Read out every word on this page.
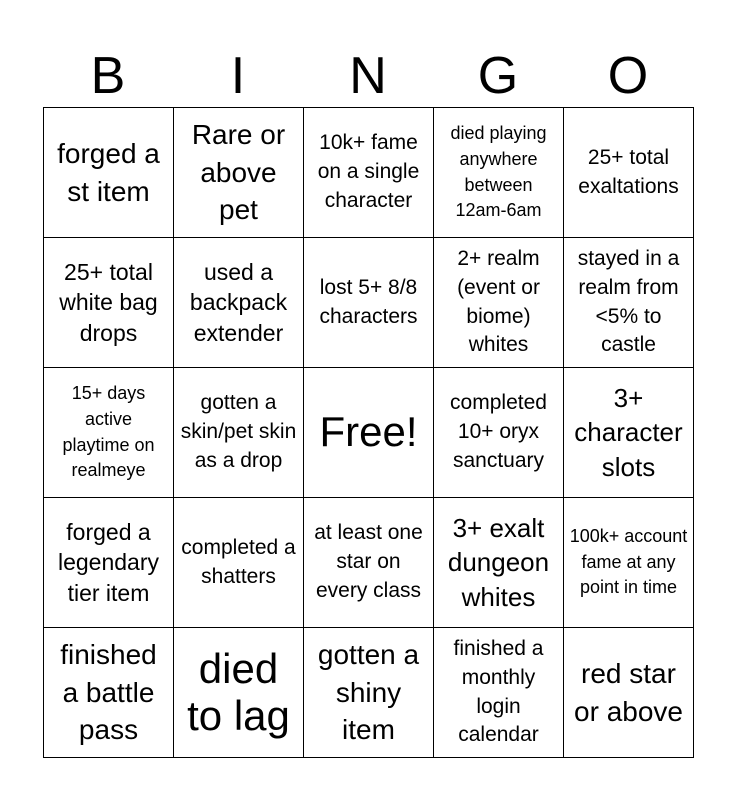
B	I	N	G	O
forged a st item	Rare or above pet	10k+ fame on a single character	died playing anywhere between 12am-6am	25+ total exaltations

25+ total white bag drops	used a backpack extender	lost 5+ 8/8 characters	2+ realm (event or biome) whites	stayed in a realm from <5% to castle

15+ days active playtime on realmeye	gotten a skin/pet skin as a drop	Free!	completed 10+ oryx sanctuary	3+ character slots

forged a legendary tier item	completed a shatters	at least one star on every class	3+ exalt dungeon whites	100k+ account fame at any point in time

finished a battle pass	died to lag	gotten a shiny item	finished a monthly login calendar	red star or above
